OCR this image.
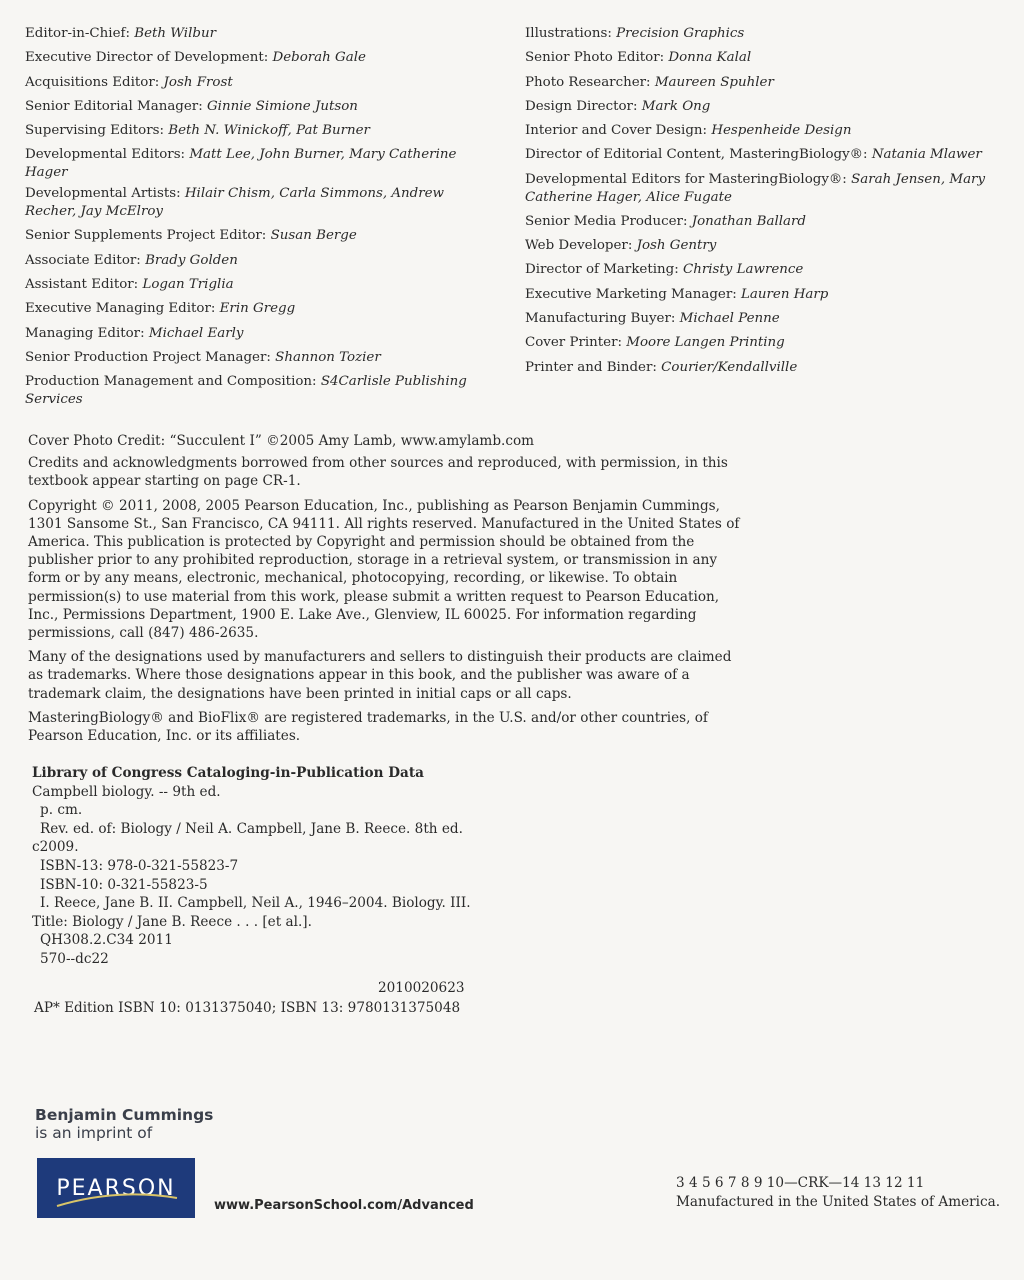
Editor-in-Chief: Beth Wilbur

Executive Director of Development: Deborah Gale

Acquisitions Editor: Josh Frost

Senior Editorial Manager: Ginnie Simione Jutson

Supervising Editors: Beth N. Winickoff, Pat Burner

Developmental Editors: Matt Lee, John Burner, Mary Catherine Hager

Developmental Artists: Hilair Chism, Carla Simmons, Andrew Recher, Jay McElroy

Senior Supplements Project Editor: Susan Berge

Associate Editor: Brady Golden

Assistant Editor: Logan Triglia

Executive Managing Editor: Erin Gregg

Managing Editor: Michael Early

Senior Production Project Manager: Shannon Tozier

Production Management and Composition: S4Carlisle Publishing Services

Illustrations: Precision Graphics

Senior Photo Editor: Donna Kalal

Photo Researcher: Maureen Spuhler

Design Director: Mark Ong

Interior and Cover Design: Hespenheide Design

Director of Editorial Content, MasteringBiology®: Natania Mlawer

Developmental Editors for MasteringBiology®: Sarah Jensen, Mary Catherine Hager, Alice Fugate

Senior Media Producer: Jonathan Ballard

Web Developer: Josh Gentry

Director of Marketing: Christy Lawrence

Executive Marketing Manager: Lauren Harp

Manufacturing Buyer: Michael Penne

Cover Printer: Moore Langen Printing

Printer and Binder: Courier/Kendallville

Cover Photo Credit: “Succulent I” ©2005 Amy Lamb, www.amylamb.com

Credits and acknowledgments borrowed from other sources and reproduced, with permission, in this textbook appear starting on page CR-1.

Copyright © 2011, 2008, 2005 Pearson Education, Inc., publishing as Pearson Benjamin Cummings, 1301 Sansome St., San Francisco, CA 94111. All rights reserved. Manufactured in the United States of America. This publication is protected by Copyright and permission should be obtained from the publisher prior to any prohibited reproduction, storage in a retrieval system, or transmission in any form or by any means, electronic, mechanical, photocopying, recording, or likewise. To obtain permission(s) to use material from this work, please submit a written request to Pearson Education, Inc., Permissions Department, 1900 E. Lake Ave., Glenview, IL 60025. For information regarding permissions, call (847) 486-2635.

Many of the designations used by manufacturers and sellers to distinguish their products are claimed as trademarks. Where those designations appear in this book, and the publisher was aware of a trademark claim, the designations have been printed in initial caps or all caps.

MasteringBiology® and BioFlix® are registered trademarks, in the U.S. and/or other countries, of Pearson Education, Inc. or its affiliates.

Library of Congress Cataloging-in-Publication Data
Campbell biology. -- 9th ed.
p. cm.
Rev. ed. of: Biology / Neil A. Campbell, Jane B. Reece. 8th ed.
c2009.
ISBN-13: 978-0-321-55823-7
ISBN-10: 0-321-55823-5
I. Reece, Jane B. II. Campbell, Neil A., 1946–2004. Biology. III.
Title: Biology / Jane B. Reece . . . [et al.].
QH308.2.C34 2011
570--dc22
2010020623
AP* Edition ISBN 10: 0131375040; ISBN 13: 9780131375048
Benjamin Cummings
is an imprint of
PEARSON
www.PearsonSchool.com/Advanced
3 4 5 6 7 8 9 10—CRK—14 13 12 11
Manufactured in the United States of America.
